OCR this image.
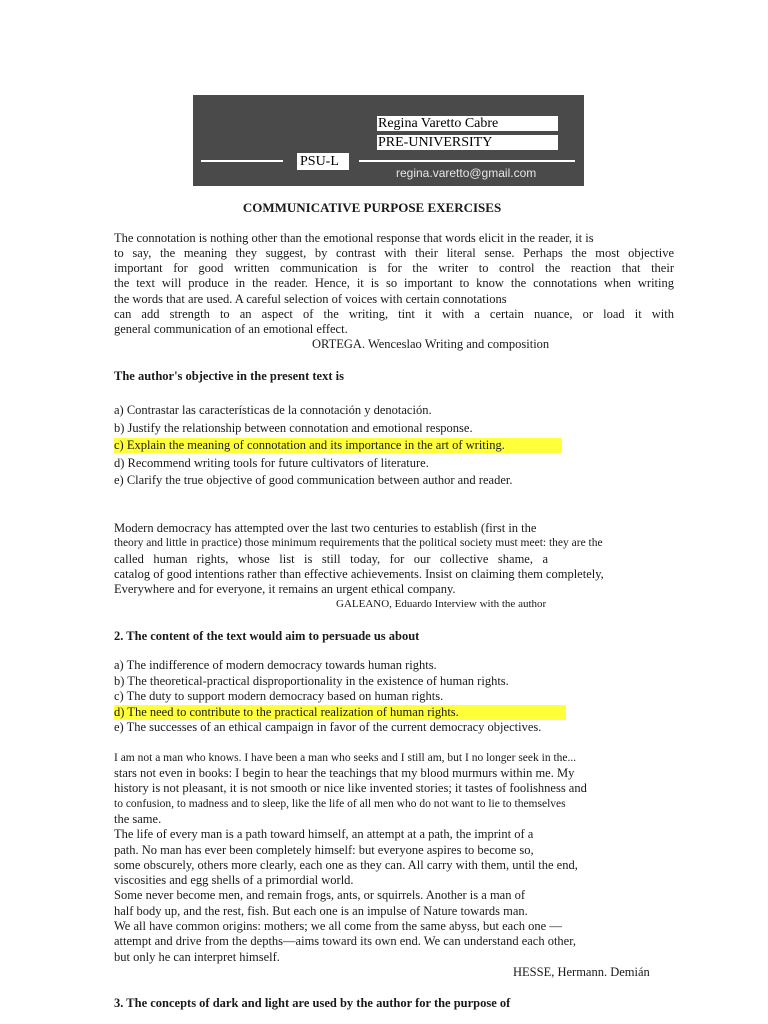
Regina Varetto Cabre
PRE-UNIVERSITY
PSU-L
regina.varetto@gmail.com
COMMUNICATIVE PURPOSE EXERCISES
The connotation is nothing other than the emotional response that words elicit in the reader, it is
to say, the meaning they suggest, by contrast with their literal sense. Perhaps the most objective
important for good written communication is for the writer to control the reaction that their
the text will produce in the reader. Hence, it is so important to know the connotations when writing
the words that are used. A careful selection of voices with certain connotations
can add strength to an aspect of the writing, tint it with a certain nuance, or load it with
general communication of an emotional effect.
ORTEGA. Wenceslao Writing and composition
The author's objective in the present text is
a) Contrastar las características de la connotación y denotación.
b) Justify the relationship between connotation and emotional response.
c) Explain the meaning of connotation and its importance in the art of writing.
d) Recommend writing tools for future cultivators of literature.
e) Clarify the true objective of good communication between author and reader.
Modern democracy has attempted over the last two centuries to establish (first in the
theory and little in practice) those minimum requirements that the political society must meet: they are the
called human rights, whose list is still today, for our collective shame, a
catalog of good intentions rather than effective achievements. Insist on claiming them completely,
Everywhere and for everyone, it remains an urgent ethical company.
GALEANO, Eduardo Interview with the author
2. The content of the text would aim to persuade us about
a) The indifference of modern democracy towards human rights.
b) The theoretical-practical disproportionality in the existence of human rights.
c) The duty to support modern democracy based on human rights.
d) The need to contribute to the practical realization of human rights.
e) The successes of an ethical campaign in favor of the current democracy objectives.
I am not a man who knows. I have been a man who seeks and I still am, but I no longer seek in the...
stars not even in books: I begin to hear the teachings that my blood murmurs within me. My
history is not pleasant, it is not smooth or nice like invented stories; it tastes of foolishness and
to confusion, to madness and to sleep, like the life of all men who do not want to lie to themselves
the same.
The life of every man is a path toward himself, an attempt at a path, the imprint of a
path. No man has ever been completely himself: but everyone aspires to become so,
some obscurely, others more clearly, each one as they can. All carry with them, until the end,
viscosities and egg shells of a primordial world.
Some never become men, and remain frogs, ants, or squirrels. Another is a man of
half body up, and the rest, fish. But each one is an impulse of Nature towards man.
We all have common origins: mothers; we all come from the same abyss, but each one —
attempt and drive from the depths—aims toward its own end. We can understand each other,
but only he can interpret himself.
HESSE, Hermann. Demián
3. The concepts of dark and light are used by the author for the purpose of
